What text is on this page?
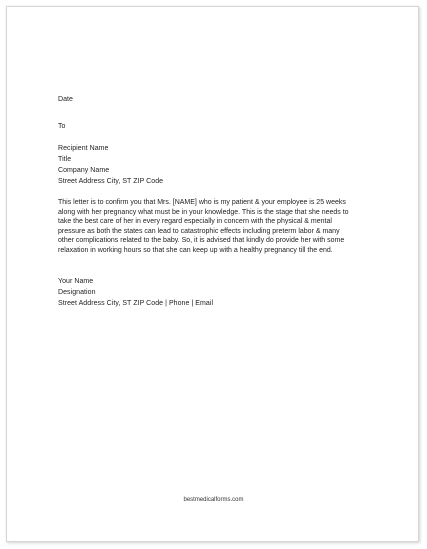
Date
To
Recipient Name
Title
Company Name
Street Address City, ST ZIP Code
This letter is to confirm you that Mrs. [NAME] who is my patient & your employee is 25 weeks
along with her pregnancy what must be in your knowledge. This is the stage that she needs to
take the best care of her in every regard especially in concern with the physical & mental
pressure as both the states can lead to catastrophic effects including preterm labor & many
other complications related to the baby. So, it is advised that kindly do provide her with some
relaxation in working hours so that she can keep up with a healthy pregnancy till the end.
Your Name
Designation
Street Address City, ST ZIP Code | Phone | Email
bestmedicalforms.com
